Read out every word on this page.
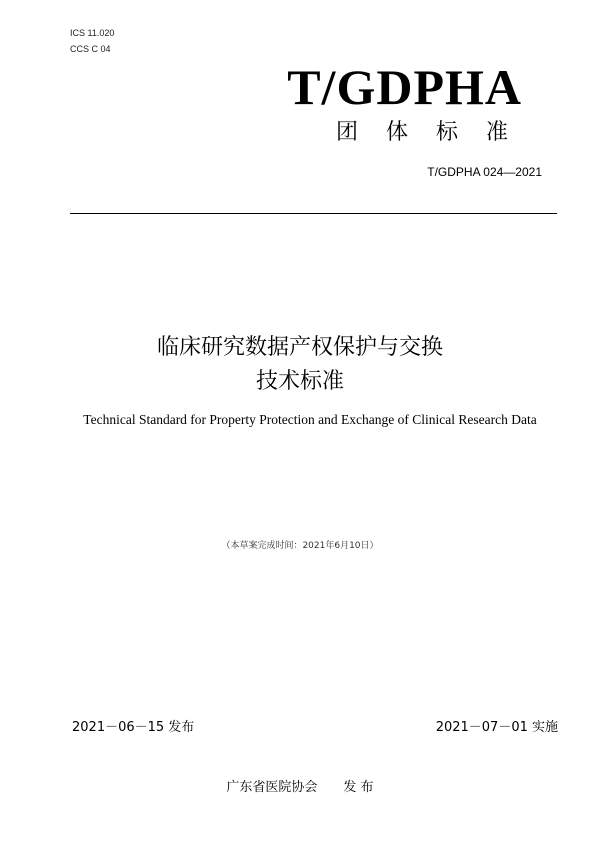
ICS 11.020
CCS C 04
T/GDPHA
团体标准
T/GDPHA 024—2021
临床研究数据产权保护与交换
技术标准
Technical Standard for Property Protection and Exchange of Clinical Research Data
（本草案完成时间：2021年6月10日）
2021－06－15 发布	2021－07－01 实施
广东省医院协会　　发 布
